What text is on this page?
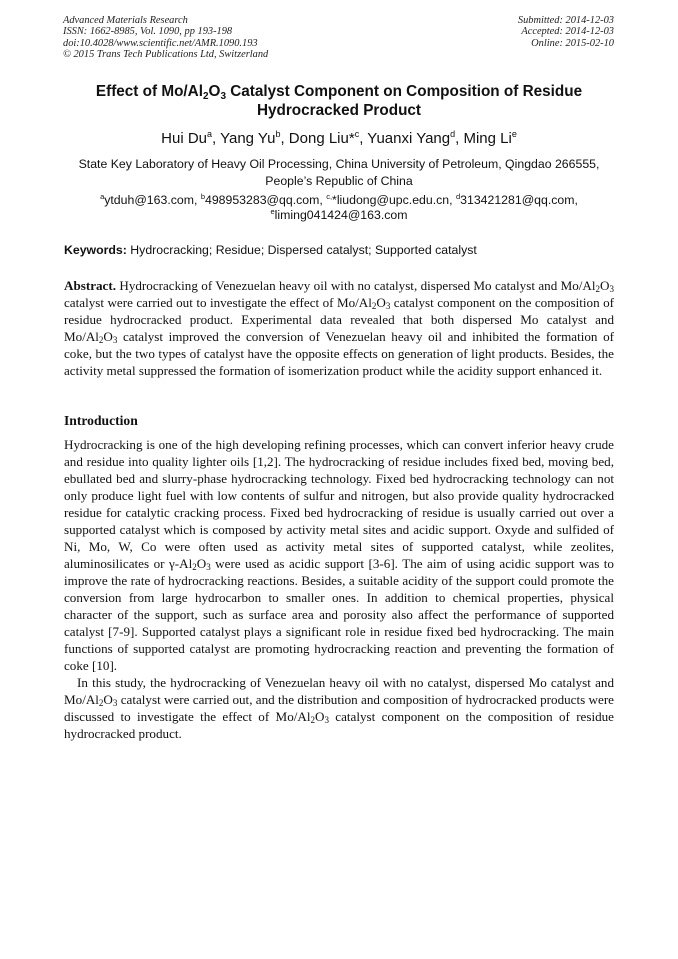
Advanced Materials Research
ISSN: 1662-8985, Vol. 1090, pp 193-198
doi:10.4028/www.scientific.net/AMR.1090.193
© 2015 Trans Tech Publications Ltd, Switzerland
Submitted: 2014-12-03
Accepted: 2014-12-03
Online: 2015-02-10
Effect of $Mo/Al_2O_3$ Catalyst Component on Composition of Residue Hydrocracked Product
Hui Du$^a$, Yang Yu$^b$, Dong Liu*$^c$, Yuanxi Yang$^d$, Ming Li$^e$
State Key Laboratory of Heavy Oil Processing, China University of Petroleum, Qingdao 266555, People’s Republic of China
$^a$ytduh@163.com, $^b$498953283@qq.com, $^{c,}$*liudong@upc.edu.cn, $^d$313421281@qq.com, $^e$liming041424@163.com
Keywords: Hydrocracking; Residue; Dispersed catalyst; Supported catalyst
Abstract. Hydrocracking of Venezuelan heavy oil with no catalyst, dispersed Mo catalyst and $Mo/Al_2O_3$ catalyst were carried out to investigate the effect of $Mo/Al_2O_3$ catalyst component on the composition of residue hydrocracked product. Experimental data revealed that both dispersed Mo catalyst and $Mo/Al_2O_3$ catalyst improved the conversion of Venezuelan heavy oil and inhibited the formation of coke, but the two types of catalyst have the opposite effects on generation of light products. Besides, the activity metal suppressed the formation of isomerization product while the acidity support enhanced it.
Introduction

Hydrocracking is one of the high developing refining processes, which can convert inferior heavy crude and residue into quality lighter oils [1,2]. The hydrocracking of residue includes fixed bed, moving bed, ebullated bed and slurry-phase hydrocracking technology. Fixed bed hydrocracking technology can not only produce light fuel with low contents of sulfur and nitrogen, but also provide quality hydrocracked residue for catalytic cracking process. Fixed bed hydrocracking of residue is usually carried out over a supported catalyst which is composed by activity metal sites and acidic support. Oxyde and sulfided of Ni, Mo, W, Co were often used as activity metal sites of supported catalyst, while zeolites, aluminosilicates or $\gamma-Al_2O_3$ were used as acidic support [3-6]. The aim of using acidic support was to improve the rate of hydrocracking reactions. Besides, a suitable acidity of the support could promote the conversion from large hydrocarbon to smaller ones. In addition to chemical properties, physical character of the support, such as surface area and porosity also affect the performance of supported catalyst [7-9]. Supported catalyst plays a significant role in residue fixed bed hydrocracking. The main functions of supported catalyst are promoting hydrocracking reaction and preventing the formation of coke [10].

In this study, the hydrocracking of Venezuelan heavy oil with no catalyst, dispersed Mo catalyst and $Mo/Al_2O_3$ catalyst were carried out, and the distribution and composition of hydrocracked products were discussed to investigate the effect of $Mo/Al_2O_3$ catalyst component on the composition of residue hydrocracked product.
